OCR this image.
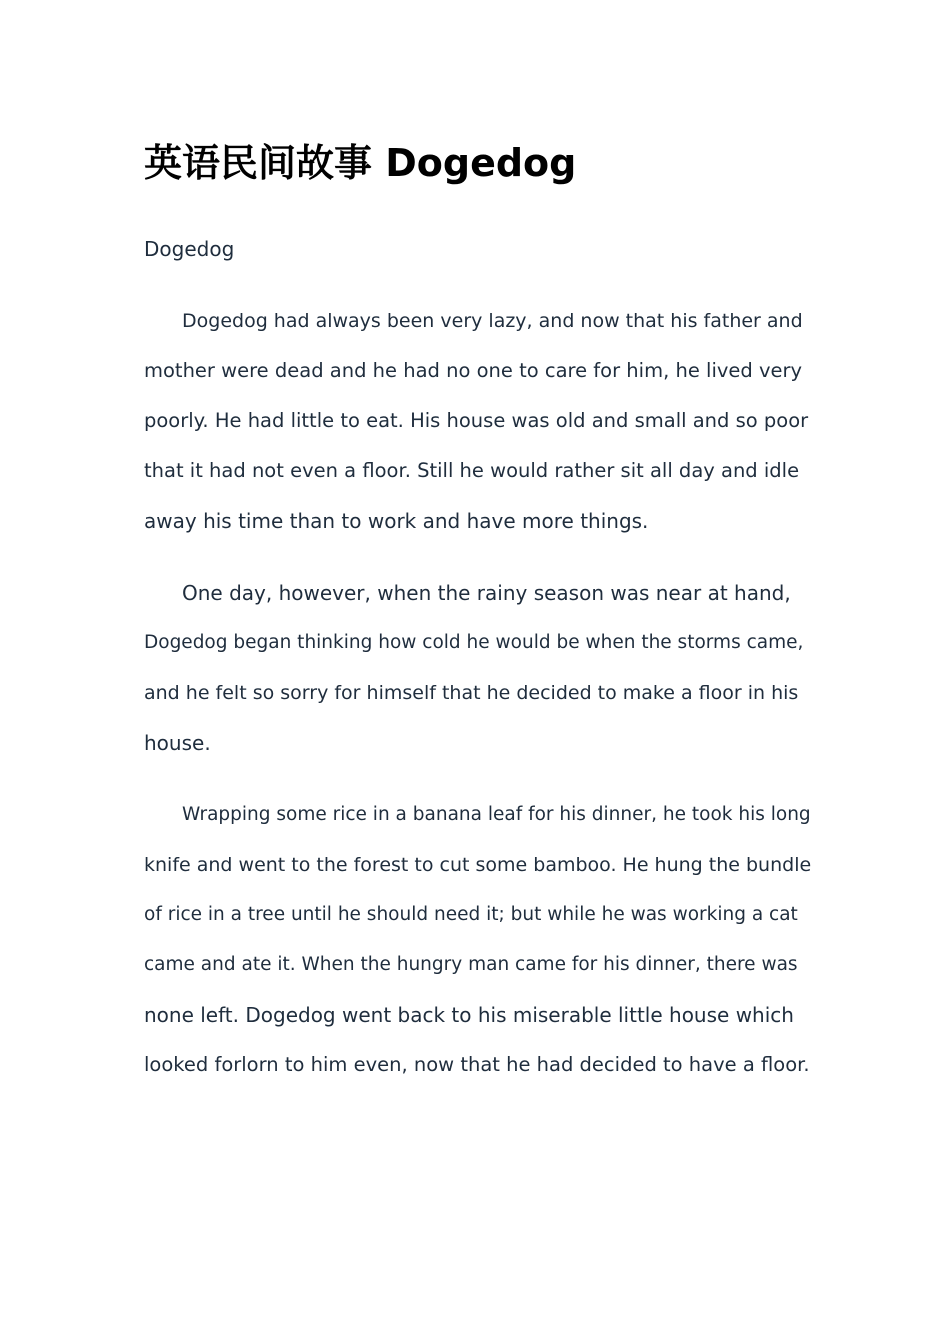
英语民间故事 Dogedog
Dogedog

Dogedog had always been very lazy, and now that his father and
mother were dead and he had no one to care for him, he lived very
poorly. He had little to eat. His house was old and small and so poor
that it had not even a floor. Still he would rather sit all day and idle
away his time than to work and have more things.

One day, however, when the rainy season was near at hand,
Dogedog began thinking how cold he would be when the storms came,
and he felt so sorry for himself that he decided to make a floor in his
house.

Wrapping some rice in a banana leaf for his dinner, he took his long
knife and went to the forest to cut some bamboo. He hung the bundle
of rice in a tree until he should need it; but while he was working a cat
came and ate it. When the hungry man came for his dinner, there was
none left. Dogedog went back to his miserable little house which
looked forlorn to him even, now that he had decided to have a floor.
